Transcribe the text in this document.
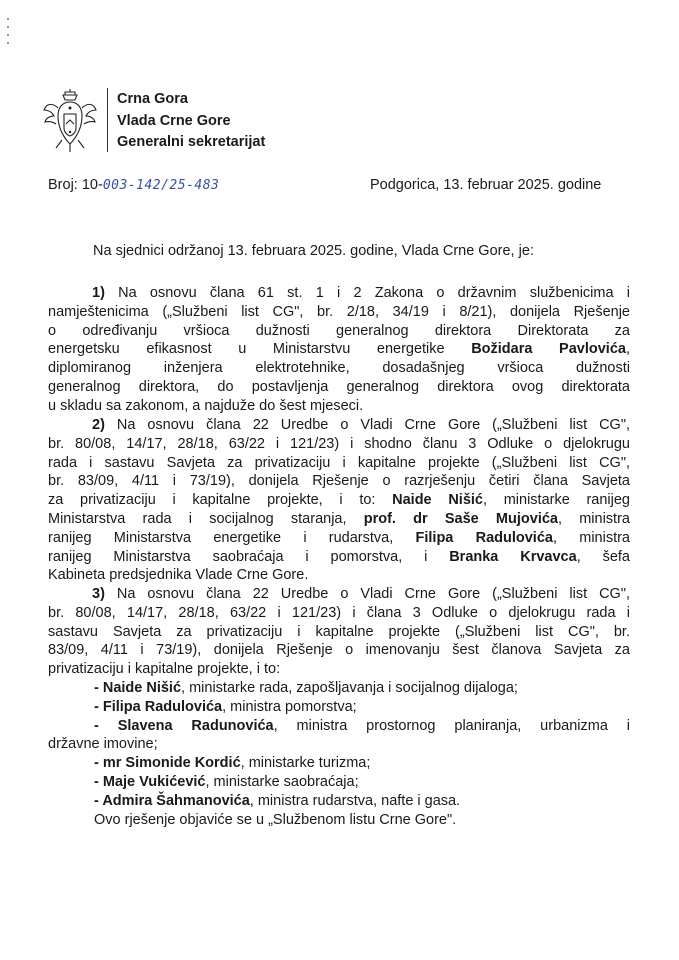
Crna Gora
Vlada Crne Gore
Generalni sekretarijat
Broj: 10-003-142/25-483	Podgorica, 13. februar 2025. godine
Na sjednici održanoj 13. februara 2025. godine, Vlada Crne Gore, je:
1) Na osnovu člana 61 st. 1 i 2 Zakona o državnim službenicima i
namještenicima („Službeni list CG", br. 2/18, 34/19 i 8/21), donijela Rješenje
o određivanju vršioca dužnosti generalnog direktora Direktorata za
energetsku efikasnost u Ministarstvu energetike Božidara Pavlovića,
diplomiranog inženjera elektrotehnike, dosadašnjeg vršioca dužnosti
generalnog direktora, do postavljenja generalnog direktora ovog direktorata
u skladu sa zakonom, a najduže do šest mjeseci.
2) Na osnovu člana 22 Uredbe o Vladi Crne Gore („Službeni list CG",
br. 80/08, 14/17, 28/18, 63/22 i 121/23) i shodno članu 3 Odluke o djelokrugu
rada i sastavu Savjeta za privatizaciju i kapitalne projekte („Službeni list CG",
br. 83/09, 4/11 i 73/19), donijela Rješenje o razrješenju četiri člana Savjeta
za privatizaciju i kapitalne projekte, i to: Naide Nišić, ministarke ranijeg
Ministarstva rada i socijalnog staranja, prof. dr Saše Mujovića, ministra
ranijeg Ministarstva energetike i rudarstva, Filipa Radulovića, ministra
ranijeg Ministarstva saobraćaja i pomorstva, i Branka Krvavca, šefa
Kabineta predsjednika Vlade Crne Gore.
3) Na osnovu člana 22 Uredbe o Vladi Crne Gore („Službeni list CG",
br. 80/08, 14/17, 28/18, 63/22 i 121/23) i člana 3 Odluke o djelokrugu rada i
sastavu Savjeta za privatizaciju i kapitalne projekte („Službeni list CG", br.
83/09, 4/11 i 73/19), donijela Rješenje o imenovanju šest članova Savjeta za
privatizaciju i kapitalne projekte, i to:
- Naide Nišić, ministarke rada, zapošljavanja i socijalnog dijaloga;
- Filipa Radulovića, ministra pomorstva;
- Slavena Radunovića, ministra prostornog planiranja, urbanizma i
državne imovine;
- mr Simonide Kordić, ministarke turizma;
- Maje Vukićević, ministarke saobraćaja;
- Admira Šahmanovića, ministra rudarstva, nafte i gasa.
Ovo rješenje objaviće se u „Službenom listu Crne Gore".
